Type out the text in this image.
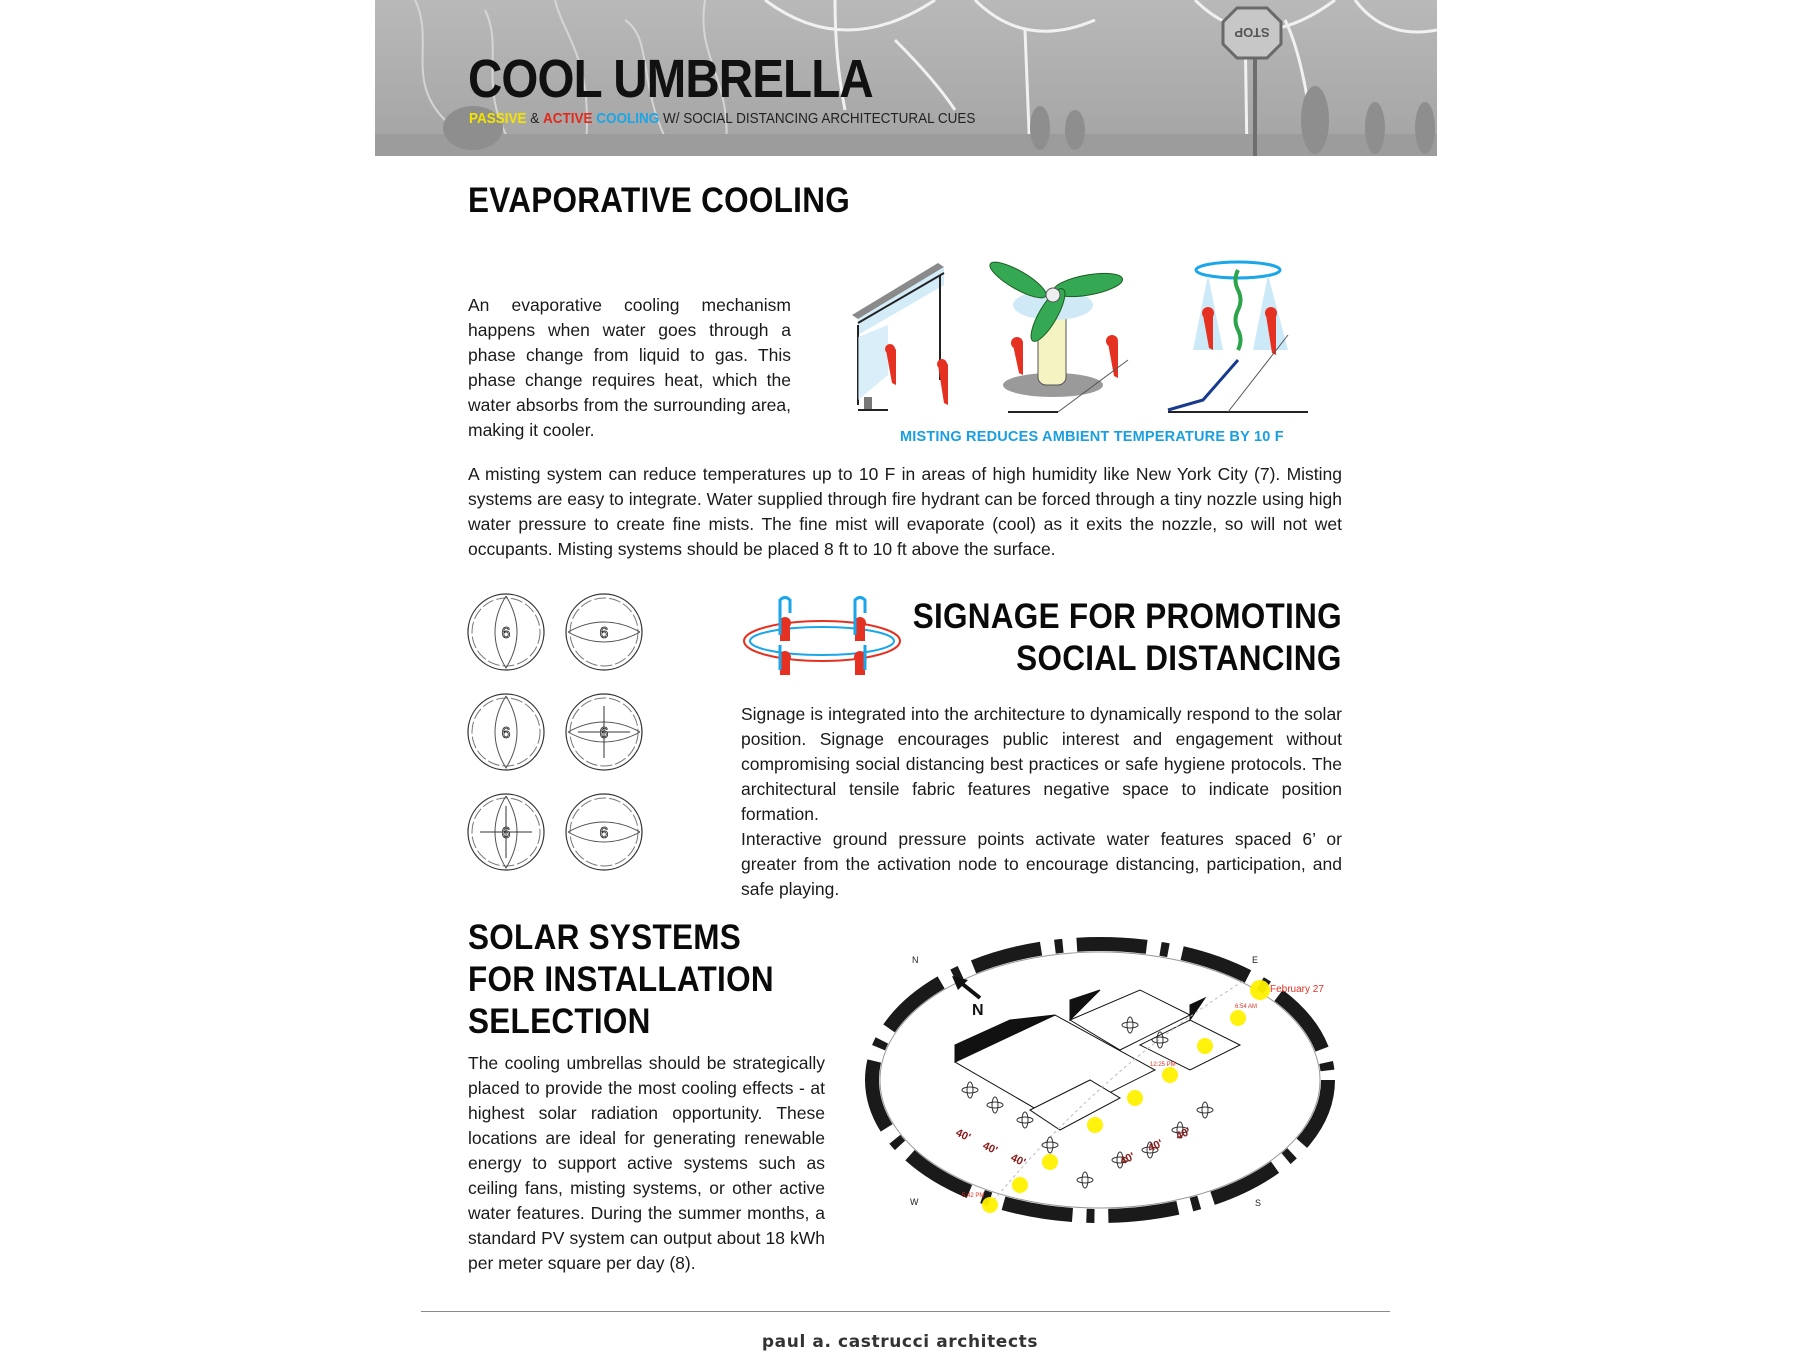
STOP
COOL UMBRELLA
PASSIVE & ACTIVE COOLING W/ SOCIAL DISTANCING ARCHITECTURAL CUES
EVAPORATIVE COOLING

An evaporative cooling mechanism happens when water goes through a phase change from liquid to gas. This phase change requires heat, which the water absorbs from the surrounding area, making it cooler.	MISTING REDUCES AMBIENT TEMPERATURE BY 10 F

A misting system can reduce temperatures up to 10 F in areas of high humidity like New York City (7). Misting systems are easy to integrate. Water supplied through fire hydrant can be forced through a tiny nozzle using high water pressure to create fine mists. The fine mist will evaporate (cool) as it exits the nozzle, so will not wet occupants. Misting systems should be placed 8 ft to 10 ft above the surface.

6	6
6	6
6	6
SIGNAGE FOR PROMOTING
SOCIAL DISTANCING

Signage is integrated into the architecture to dynamically respond to the solar position. Signage encourages public interest and engagement without compromising social distancing best practices or safe hygiene protocols. The architectural tensile fabric features negative space to indicate position formation.

Interactive ground pressure points activate water features spaced 6’ or greater from the activation node to encourage distancing, participation, and safe playing.

SOLAR SYSTEMS
FOR INSTALLATION
SELECTION

The cooling umbrellas should be strategically placed to provide the most cooling effects - at highest solar radiation opportunity. These locations are ideal for generating renewable energy to support active systems such as ceiling fans, misting systems, or other active water features. During the summer months, a standard PV system can output about 18 kWh per meter square per day (8).

N	E
W	S
N
February 27
6:54 AM
12:25 PM
5:42 PM
40'
40'
40'	40'
40'
40'
paul a. castrucci architects
